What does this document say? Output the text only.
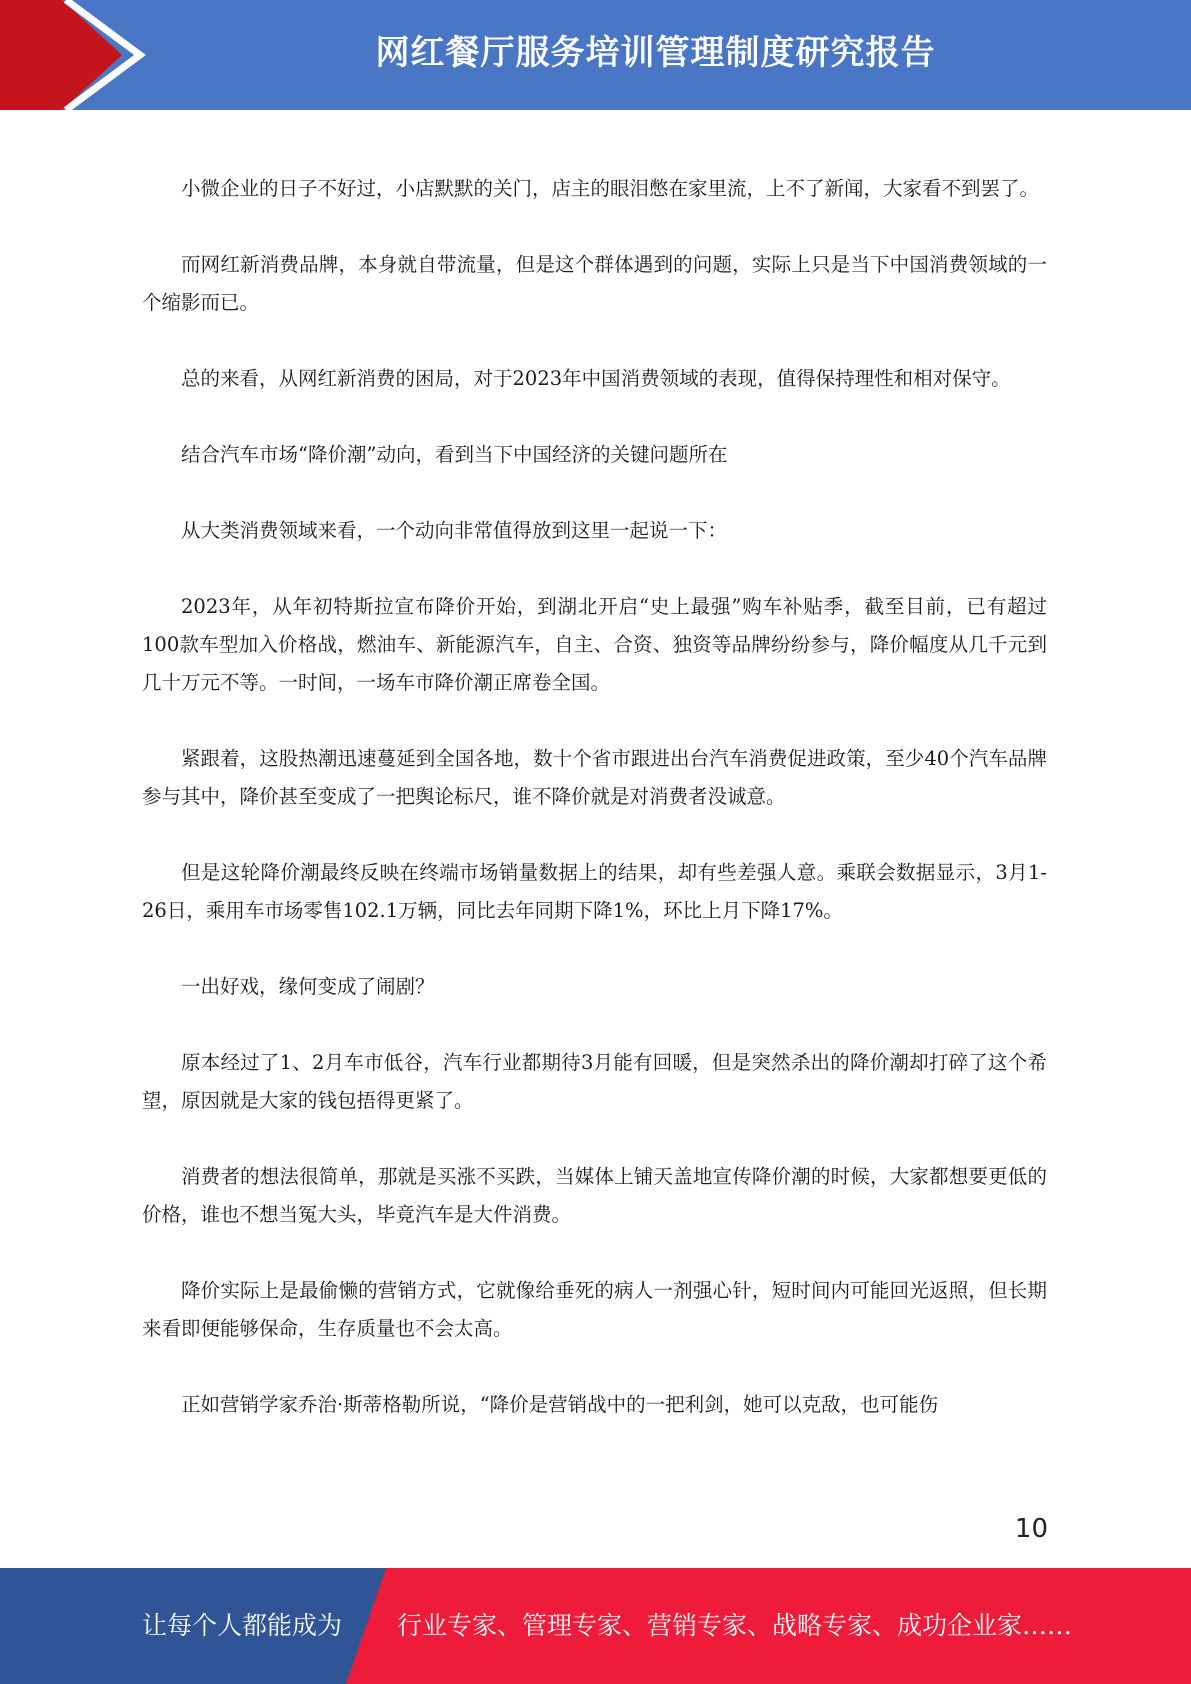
网红餐厅服务培训管理制度研究报告

小微企业的日子不好过，小店默默的关门，店主的眼泪憋在家里流，上不了新闻，大家看不到罢了。

而网红新消费品牌，本身就自带流量，但是这个群体遇到的问题，实际上只是当下中国消费领域的一个缩影而已。

总的来看，从网红新消费的困局，对于2023年中国消费领域的表现，值得保持理性和相对保守。

结合汽车市场“降价潮”动向，看到当下中国经济的关键问题所在

从大类消费领域来看，一个动向非常值得放到这里一起说一下：

2023年，从年初特斯拉宣布降价开始，到湖北开启“史上最强”购车补贴季，截至目前，已有超过100款车型加入价格战，燃油车、新能源汽车，自主、合资、独资等品牌纷纷参与，降价幅度从几千元到几十万元不等。一时间，一场车市降价潮正席卷全国。

紧跟着，这股热潮迅速蔓延到全国各地，数十个省市跟进出台汽车消费促进政策，至少40个汽车品牌参与其中，降价甚至变成了一把舆论标尺，谁不降价就是对消费者没诚意。

但是这轮降价潮最终反映在终端市场销量数据上的结果，却有些差强人意。乘联会数据显示，3月1-26日，乘用车市场零售102.1万辆，同比去年同期下降1%，环比上月下降17%。

一出好戏，缘何变成了闹剧？

原本经过了1、2月车市低谷，汽车行业都期待3月能有回暖，但是突然杀出的降价潮却打碎了这个希望，原因就是大家的钱包捂得更紧了。

消费者的想法很简单，那就是买涨不买跌，当媒体上铺天盖地宣传降价潮的时候，大家都想要更低的价格，谁也不想当冤大头，毕竟汽车是大件消费。

降价实际上是最偷懒的营销方式，它就像给垂死的病人一剂强心针，短时间内可能回光返照，但长期来看即便能够保命，生存质量也不会太高。

正如营销学家乔治·斯蒂格勒所说，“降价是营销战中的一把利剑，她可以克敌，也可能伤

10
让每个人都能成为 行业专家、管理专家、营销专家、战略专家、成功企业家……
